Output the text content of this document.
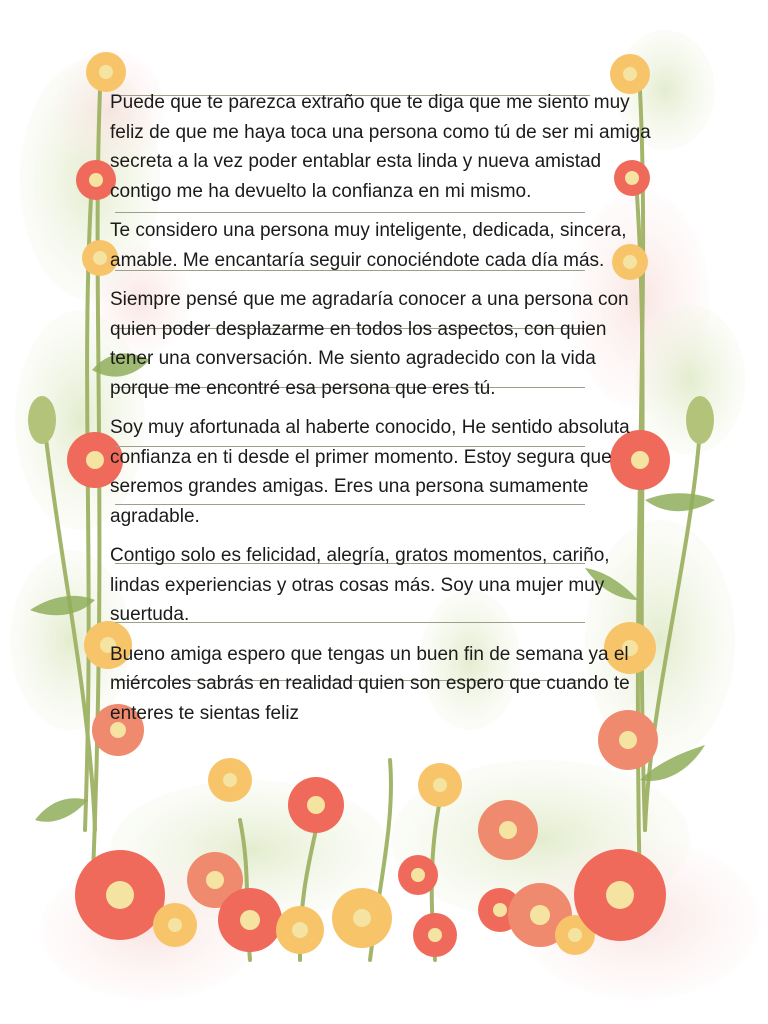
Puede que te parezca extraño que te diga que me siento muy feliz de que me haya toca una persona como tú de ser mi amiga secreta a la vez poder entablar esta linda y nueva amistad contigo me ha devuelto la confianza en mi mismo.

Te considero una persona muy inteligente, dedicada, sincera, amable. Me encantaría seguir conociéndote cada día más.

Siempre pensé que me agradaría conocer a una persona con quien poder desplazarme en todos los aspectos, con quien tener una conversación. Me siento agradecido con la vida porque me encontré esa persona que eres tú.

Soy muy afortunada al haberte conocido, He sentido absoluta confianza en ti desde el primer momento. Estoy segura que seremos grandes amigas. Eres una persona sumamente agradable.

Contigo solo es felicidad, alegría, gratos momentos, cariño, lindas experiencias y otras cosas más. Soy una mujer muy suertuda.

Bueno amiga espero que tengas un buen fin de semana ya el miércoles sabrás en realidad quien son espero que cuando te enteres te sientas feliz
